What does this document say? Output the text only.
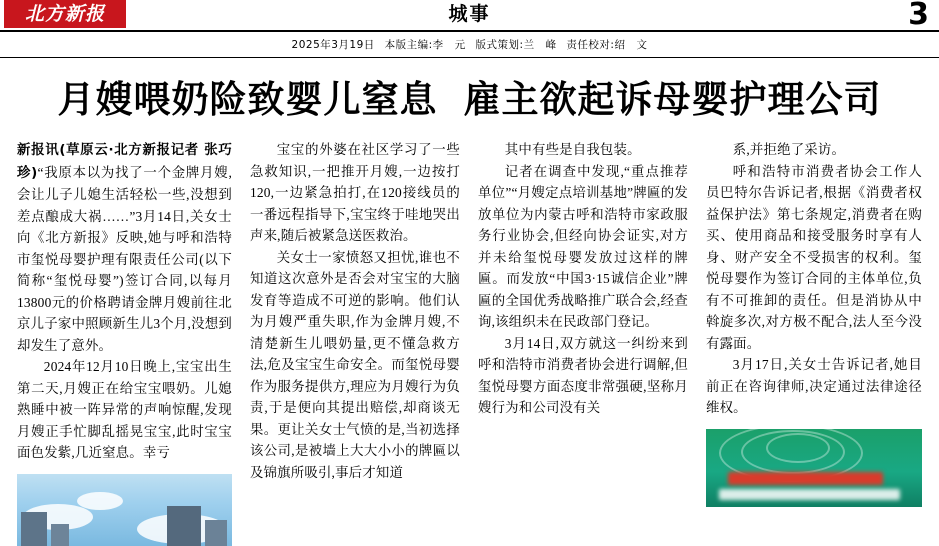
北方新报	城事	3
2025年3月19日 本版主编:李　元 版式策划:兰　峰 责任校对:绍　文
月嫂喂奶险致婴儿窒息 雇主欲起诉母婴护理公司

新报讯(草原云·北方新报记者 张巧珍)“我原本以为找了一个金牌月嫂,会让儿子儿媳生活轻松一些,没想到差点酿成大祸……”3月14日,关女士向《北方新报》反映,她与呼和浩特市玺悦母婴护理有限责任公司(以下简称“玺悦母婴”)签订合同,以每月13800元的价格聘请金牌月嫂前往北京儿子家中照顾新生儿3个月,没想到却发生了意外。

2024年12月10日晚上,宝宝出生第二天,月嫂正在给宝宝喂奶。儿媳熟睡中被一阵异常的声响惊醒,发现月嫂正手忙脚乱摇晃宝宝,此时宝宝面色发紫,几近窒息。幸亏

宝宝的外婆在社区学习了一些急救知识,一把推开月嫂,一边按打120,一边紧急拍打,在120接线员的一番远程指导下,宝宝终于哇地哭出声来,随后被紧急送医救治。

关女士一家愤怒又担忧,谁也不知道这次意外是否会对宝宝的大脑发育等造成不可逆的影响。他们认为月嫂严重失职,作为金牌月嫂,不清楚新生儿喂奶量,更不懂急救方法,危及宝宝生命安全。而玺悦母婴作为服务提供方,理应为月嫂行为负责,于是便向其提出赔偿,却商谈无果。更让关女士气愤的是,当初选择该公司,是被墙上大大小小的牌匾以及锦旗所吸引,事后才知道

其中有些是自我包装。

记者在调查中发现,“重点推荐单位”“月嫂定点培训基地”牌匾的发放单位为内蒙古呼和浩特市家政服务行业协会,但经向协会证实,对方并未给玺悦母婴发放过这样的牌匾。而发放“中国3·15诚信企业”牌匾的全国优秀战略推广联合会,经查询,该组织未在民政部门登记。

3月14日,双方就这一纠纷来到呼和浩特市消费者协会进行调解,但玺悦母婴方面态度非常强硬,坚称月嫂行为和公司没有关

系,并拒绝了采访。

呼和浩特市消费者协会工作人员巴特尔告诉记者,根据《消费者权益保护法》第七条规定,消费者在购买、使用商品和接受服务时享有人身、财产安全不受损害的权利。玺悦母婴作为签订合同的主体单位,负有不可推卸的责任。但是消协从中斡旋多次,对方极不配合,法人至今没有露面。

3月17日,关女士告诉记者,她目前正在咨询律师,决定通过法律途径维权。
